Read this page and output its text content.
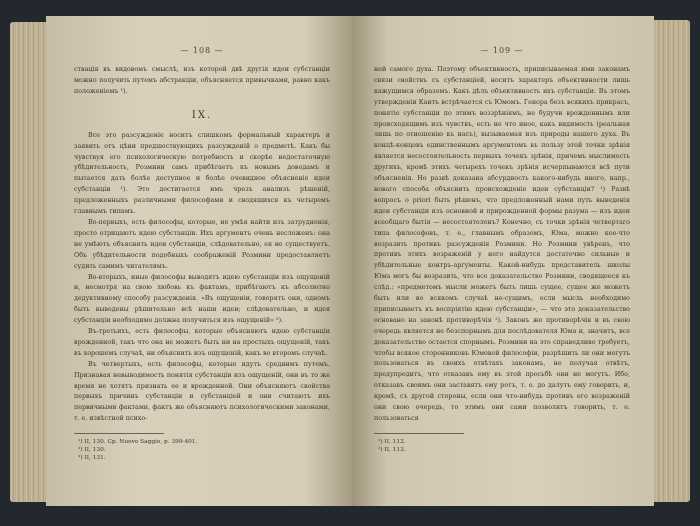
— 108 —

ствація въ видовомъ смыслѣ, изъ которой двѣ другія идеи субстанціи можно получить путемъ абстракціи, объясняется привычками, равно какъ положеніемъ ¹).

IX.

Все это разсужденіе носитъ слишкомъ формальный характеръ и заявить отъ цѣни предшествующихъ разсужденій о предметѣ. Какъ бы чувствуя его психологическую потребность и скорѣе недостаточную убѣдительность, Розмини самъ прибѣгаетъ къ новымъ доводамъ и пытается дать болѣе доступное и болѣе очевидное объясненіе идеи субстанціи ¹). Это достигается имъ чрезъ анализъ рѣшеній, предложенныхъ различными философами и сводящихся къ четыремъ главнымъ типамъ.

Во-первыхъ, есть философы, которые, не умѣя найти изъ затрудненія, просто отрицаютъ идею субстанціи. Ихъ аргументъ очень несложенъ: она не умѣютъ объяснить идеи субстанціи, слѣдовательно, ея не существуетъ. Объ убѣдительности подобныхъ соображеній Розмини предоставляетъ судить самимъ читателямъ.

Во-вторыхъ, иные философы выводятъ идею субстанціи изъ ощущеній и, несмотря на свою любовь къ фактамъ, прибѣгаютъ къ абсолютно дедуктивному способу разсужденія. «Въ ощущеніи, говорятъ они, одномъ быть выведены рѣшительно всѣ наши идеи; слѣдовательно, и идея субстанціи необходимо должна получиться изъ ощущеній» ²).

Въ-третьихъ, есть философы, которые объясняютъ идею субстанціи врожденной, такъ что она не можетъ быть ни на простыхъ ощущеній, такъ въ хорошемъ случаѣ, ни объяснить изъ ощущеній, какъ во второмъ случаѣ.

Въ четвертыхъ, есть философы, которые идутъ среднимъ путемъ. Признавая невыводимость понятія субстанціи изъ ощущеній, они въ то же время не хотятъ признать ее и врожденной. Они объясняютъ свойства первыхъ причинъ субстанціи и субстанціей и они считаютъ ихъ первичными фактами, фактъ же объясняютъ психологическими законами, т. е. извѣстной психо-

¹) II, 130. Ср. Nuovo Saggio, p. 399-401.

²) II, 130.

³) II, 131.

— 109 —

ней самого духа. Поэтому объективность, приписываемая ими законамъ связи свойствъ съ субстанціей, носитъ характеръ объективности лишь кажущимся образомъ. Какъ дѣлъ объективность ихъ субстанціи. Въ этомъ утвержденіи Кантъ встрѣчается съ Юмомъ. Генора безъ всякихъ прикрасъ, понятіе субстанціи по этимъ воззрѣніямъ, не будучи врожденнымъ или происходящимъ изъ чувствъ, есть не что иное, какъ видимость (реальная лишь по отношенію къ насъ), вызываемая изъ природы нашего духа. Въ концѣ-концовъ единственнымъ аргументомъ въ пользу этой точки зрѣнія является несостоятельность первыхъ точекъ зрѣнія, причемъ мыслимость другихъ, кромѣ этихъ четырехъ точекъ зрѣнія исчерпываются всѣ пути объясненія. Но развѣ доказана абсурдность какого-нибудь иного, напр., новаго способа объяснить происхожденіе идеи субстанціи? ¹) Развѣ вопросъ о priori быть рѣшенъ, что предложенный нами путь выведенія идеи субстанціи изъ основной и прирожденной формы разума — изъ идеи всеобщаго бытія — несостоятеленъ? Конечно, съ точки зрѣнія четвертаго типа философовъ, т. е., главнымъ образомъ, Юма, можно кое-что возразить противъ разсужденія Розмини. Но Розмини увѣренъ, что противъ этихъ возраженій у него найдутся достаточно сильные и убѣдительные контръ-аргументы. Какой-нибудь представитель школы Юма могъ бы возразить, что все доказательство Розмини, сводящееся къ слѣд.: «предметомъ мысли можетъ быть лишь сущее, сущее же можетъ быть или во всякомъ случаѣ не-сущимъ, если мысль необходимо приписываетъ къ воспріятію идею субстанціи», — что это доказательство основано на законѣ противорѣчія ²). Законъ же противорѣчія и въ свою очередь является не безспорнымъ для послѣдователя Юма и, значитъ, все доказательство остается спорнымъ. Розмини на это справедливо требуетъ, чтобы всякое сторонниковъ Юмовой философіи, разрѣшить ли они могутъ пользоваться въ своихъ отвѣтахъ законамъ, не получая отвѣтъ, предупредитъ, что отказавъ ему въ этой просьбѣ они не могутъ. Ибо, отказавъ своимъ они заставятъ ему ротъ, т. е. до далутъ ему говорить, и, кромѣ, съ другой стороны, если они что-нибудь противъ его возраженій они свою очередь, то этимъ они сами позволятъ говорить, т. е. пользоваться

¹) II, 112.

²) II, 113.
